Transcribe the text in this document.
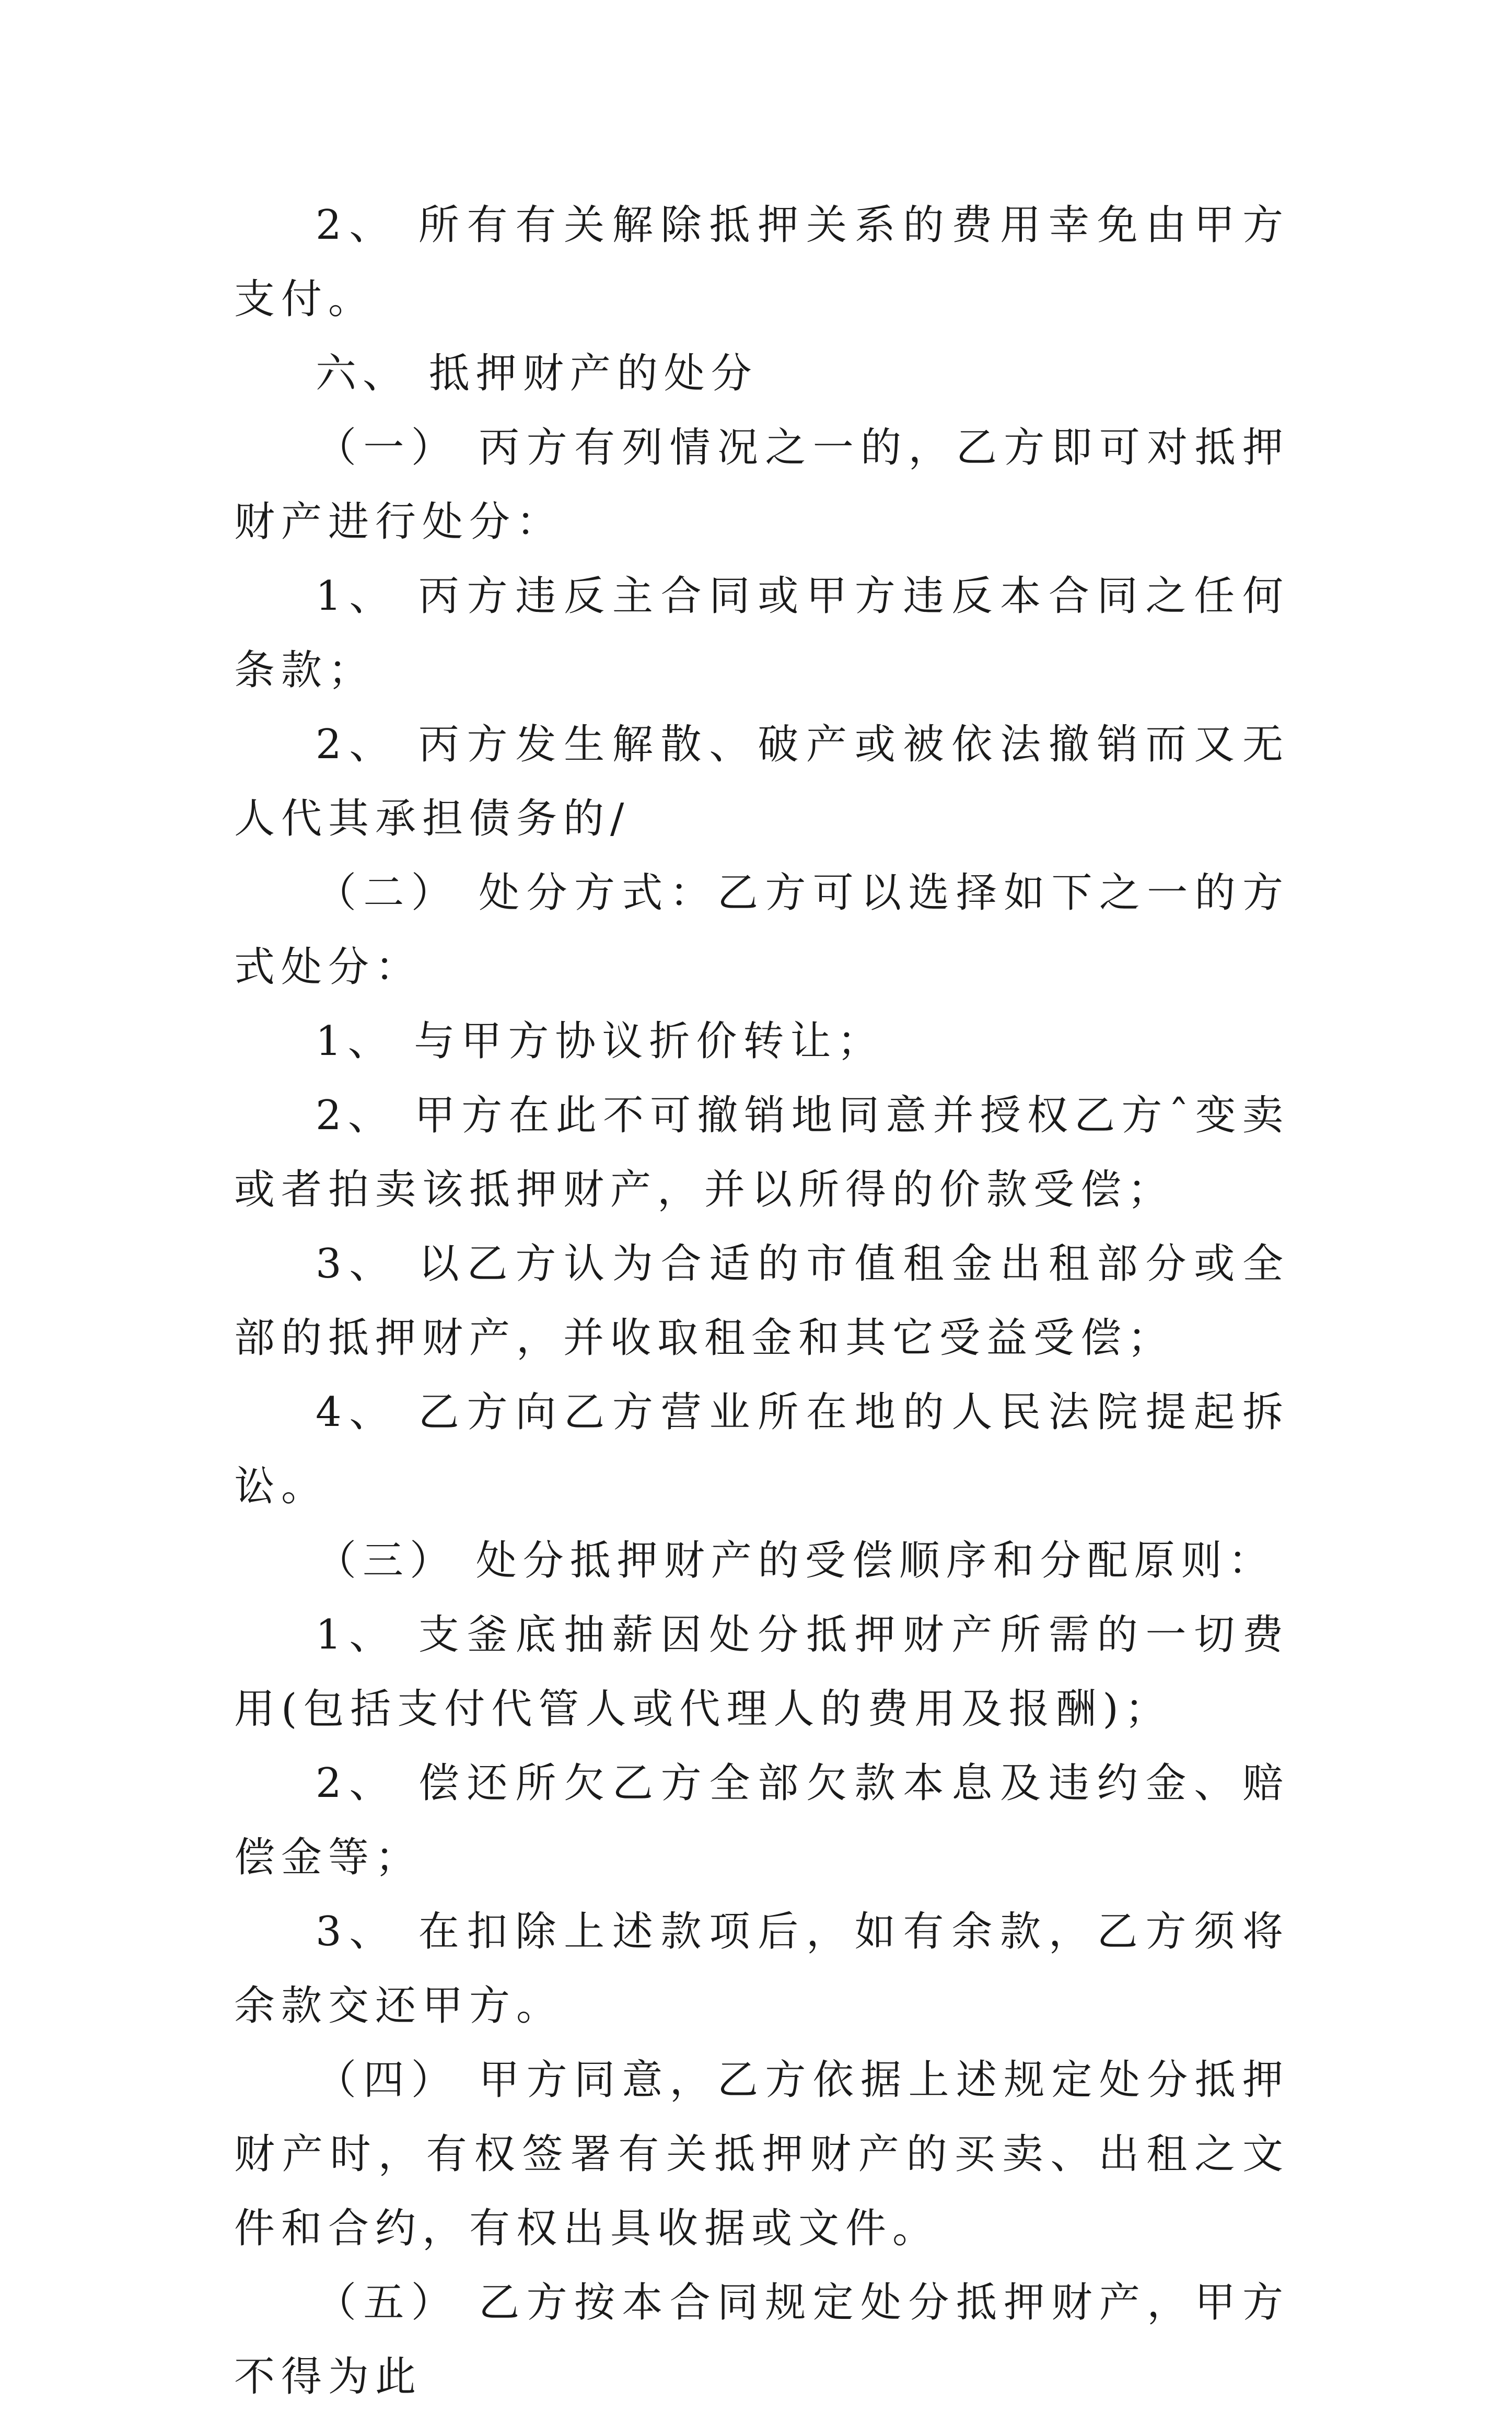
2、 所有有关解除抵押关系的费用幸免由甲方支付。

六、 抵押财产的处分

（一） 丙方有列情况之一的，乙方即可对抵押财产进行处分：

1、 丙方违反主合同或甲方违反本合同之任何条款；

2、 丙方发生解散、破产或被依法撤销而又无人代其承担债务的/

（二） 处分方式：乙方可以选择如下之一的方式处分：

1、 与甲方协议折价转让；

2、 甲方在此不可撤销地同意并授权乙方ˆ变卖或者拍卖该抵押财产，并以所得的价款受偿；

3、 以乙方认为合适的市值租金出租部分或全部的抵押财产，并收取租金和其它受益受偿；

4、 乙方向乙方营业所在地的人民法院提起拆讼。

（三） 处分抵押财产的受偿顺序和分配原则：

1、 支釜底抽薪因处分抵押财产所需的一切费用(包括支付代管人或代理人的费用及报酬)；

2、 偿还所欠乙方全部欠款本息及违约金、赔偿金等；

3、 在扣除上述款项后，如有余款，乙方须将余款交还甲方。

（四） 甲方同意，乙方依据上述规定处分抵押财产时，有权签署有关抵押财产的买卖、出租之文件和合约，有权出具收据或文件。

（五） 乙方按本合同规定处分抵押财产，甲方不得为此
